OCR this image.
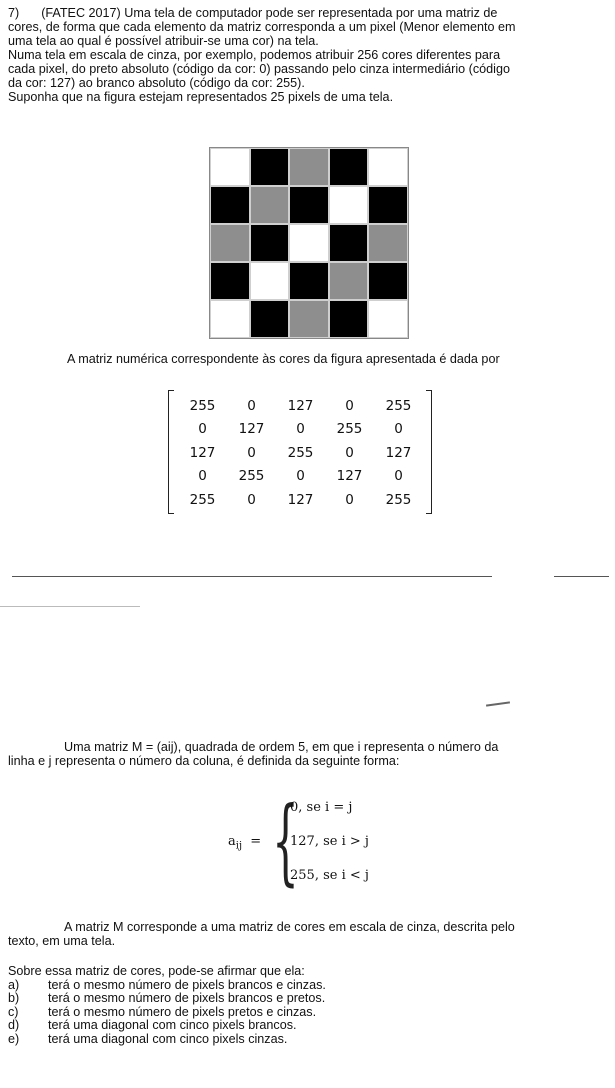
7) (FATEC 2017) Uma tela de computador pode ser representada por uma matriz de

cores, de forma que cada elemento da matriz corresponda a um pixel (Menor elemento em

uma tela ao qual é possível atribuir-se uma cor) na tela.

Numa tela em escala de cinza, por exemplo, podemos atribuir 256 cores diferentes para

cada pixel, do preto absoluto (código da cor: 0) passando pelo cinza intermediário (código

da cor: 127) ao branco absoluto (código da cor: 255).

Suponha que na figura estejam representados 25 pixels de uma tela.

A matriz numérica correspondente às cores da figura apresentada é dada por
255	0	127	0	255
0	127	0	255	0
127	0	255	0	127
0	255	0	127	0
255	0	127	0	255

Uma matriz M = (aij), quadrada de ordem 5, em que i representa o número da

linha e j representa o número da coluna, é definida da seguinte forma:

$a_{ij}$ = {
0, se i = j
127, se i > j
255, se i < j

A matriz M corresponde a uma matriz de cores em escala de cinza, descrita pelo

texto, em uma tela.

Sobre essa matriz de cores, pode-se afirmar que ela:
a)	terá o mesmo número de pixels brancos e cinzas.
b)	terá o mesmo número de pixels brancos e pretos.
c)	terá o mesmo número de pixels pretos e cinzas.
d)	terá uma diagonal com cinco pixels brancos.
e)	terá uma diagonal com cinco pixels cinzas.
